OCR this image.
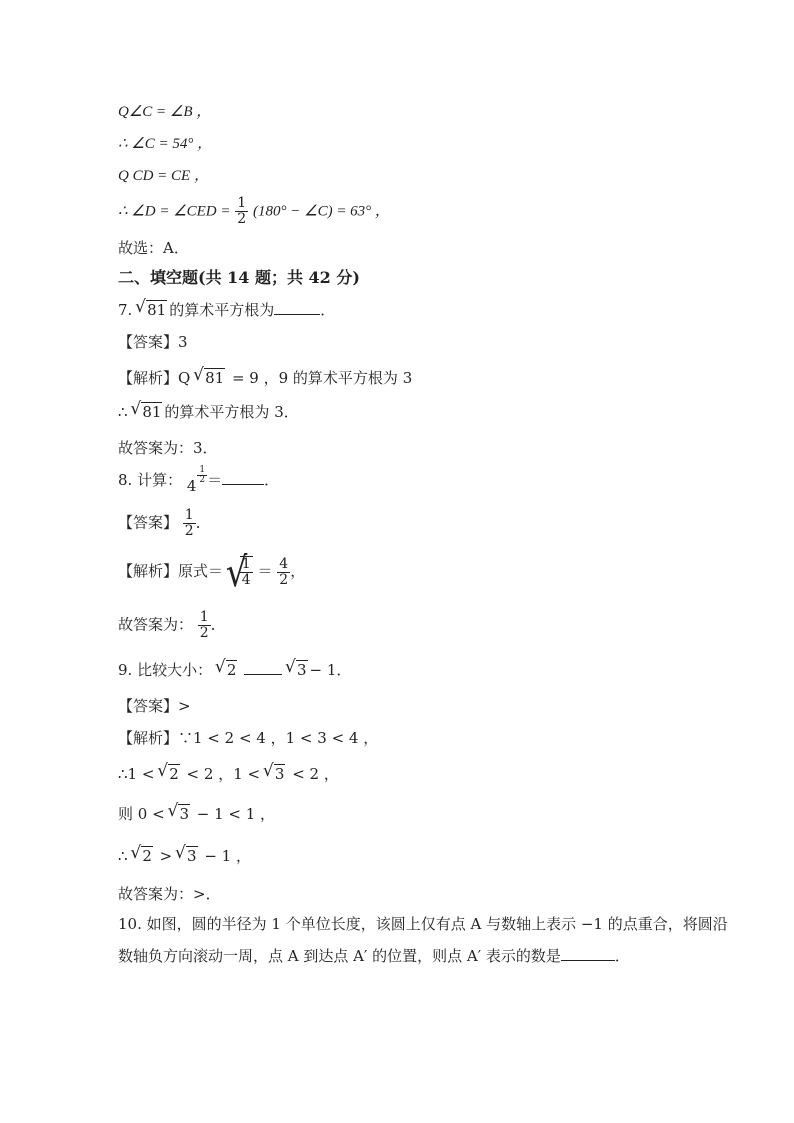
Q∠C = ∠B ，
∴ ∠C = 54° ，
Q CD = CE ，
∴ ∠D = ∠CED = $\frac{1}{2} (180^\circ$ − ∠C) = 63° ，
故选：A．
二、填空题(共 14 题；共 42 分)
7. √ 81 的算术平方根为	．
【答案】3
【解析】Q √ 81 = 9 ，9 的算术平方根为 3
∴ √ 81 的算术平方根为 3．
故答案为：3．
8. 计算： 4
$\frac{1}{2}$ ＝	．
【答案】 $\frac{1}{2}$ ．
【解析】原式＝ √ $\frac{1}{4} = \frac{4}{2}$ ，
故答案为： $\frac{1}{2}$ ．
9. 比较大小： √ 2	√ 3 − 1．
【答案】>
【解析】∵1 < 2 < 4 ，1 < 3 < 4 ，
∴1 < √ 2 < 2 ，1 < √ 3 < 2 ，
则 0 < √ 3 − 1 < 1 ，
∴ √ 2 > √ 3 − 1 ，
故答案为：>．
10. 如图，圆的半径为 1 个单位长度，该圆上仅有点 A 与数轴上表示 −1 的点重合，将圆沿
数轴负方向滚动一周，点 A 到达点 A′ 的位置，则点 A′ 表示的数是	．
